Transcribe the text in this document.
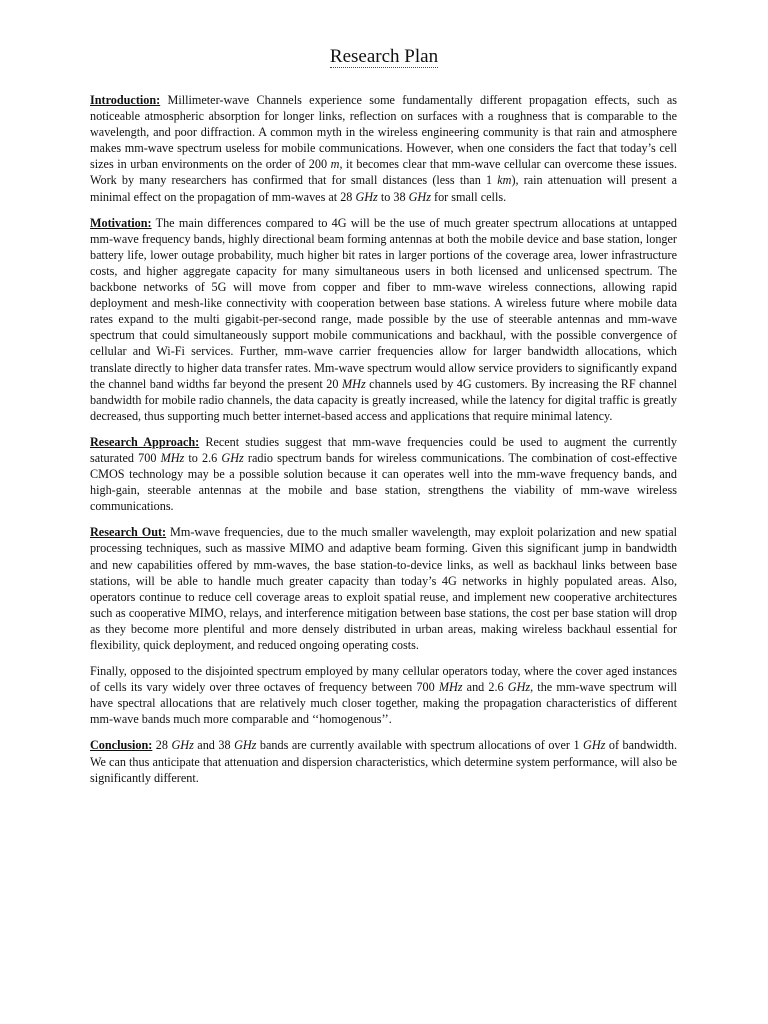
Research Plan

Introduction: Millimeter-wave Channels experience some fundamentally different propagation effects, such as noticeable atmospheric absorption for longer links, reflection on surfaces with a roughness that is comparable to the wavelength, and poor diffraction. A common myth in the wireless engineering community is that rain and atmosphere makes mm-wave spectrum useless for mobile communications. However, when one considers the fact that today’s cell sizes in urban environments on the order of 200 m, it becomes clear that mm-wave cellular can overcome these issues. Work by many researchers has confirmed that for small distances (less than 1 km), rain attenuation will present a minimal effect on the propagation of mm-waves at 28 GHz to 38 GHz for small cells.

Motivation: The main differences compared to 4G will be the use of much greater spectrum allocations at untapped mm-wave frequency bands, highly directional beam forming antennas at both the mobile device and base station, longer battery life, lower outage probability, much higher bit rates in larger portions of the coverage area, lower infrastructure costs, and higher aggregate capacity for many simultaneous users in both licensed and unlicensed spectrum. The backbone networks of 5G will move from copper and fiber to mm-wave wireless connections, allowing rapid deployment and mesh-like connectivity with cooperation between base stations. A wireless future where mobile data rates expand to the multi gigabit-per-second range, made possible by the use of steerable antennas and mm-wave spectrum that could simultaneously support mobile communications and backhaul, with the possible convergence of cellular and Wi-Fi services. Further, mm-wave carrier frequencies allow for larger bandwidth allocations, which translate directly to higher data transfer rates. Mm-wave spectrum would allow service providers to significantly expand the channel band widths far beyond the present 20 MHz channels used by 4G customers. By increasing the RF channel bandwidth for mobile radio channels, the data capacity is greatly increased, while the latency for digital traffic is greatly decreased, thus supporting much better internet-based access and applications that require minimal latency.

Research Approach: Recent studies suggest that mm-wave frequencies could be used to augment the currently saturated 700 MHz to 2.6 GHz radio spectrum bands for wireless communications. The combination of cost-effective CMOS technology may be a possible solution because it can operates well into the mm-wave frequency bands, and high-gain, steerable antennas at the mobile and base station, strengthens the viability of mm-wave wireless communications.

Research Out: Mm-wave frequencies, due to the much smaller wavelength, may exploit polarization and new spatial processing techniques, such as massive MIMO and adaptive beam forming. Given this significant jump in bandwidth and new capabilities offered by mm-waves, the base station-to-device links, as well as backhaul links between base stations, will be able to handle much greater capacity than today’s 4G networks in highly populated areas. Also, operators continue to reduce cell coverage areas to exploit spatial reuse, and implement new cooperative architectures such as cooperative MIMO, relays, and interference mitigation between base stations, the cost per base station will drop as they become more plentiful and more densely distributed in urban areas, making wireless backhaul essential for flexibility, quick deployment, and reduced ongoing operating costs.

Finally, opposed to the disjointed spectrum employed by many cellular operators today, where the cover aged instances of cells its vary widely over three octaves of frequency between 700 MHz and 2.6 GHz, the mm-wave spectrum will have spectral allocations that are relatively much closer together, making the propagation characteristics of different mm-wave bands much more comparable and ‘‘homogenous’’.

Conclusion: 28 GHz and 38 GHz bands are currently available with spectrum allocations of over 1 GHz of bandwidth. We can thus anticipate that attenuation and dispersion characteristics, which determine system performance, will also be significantly different.
